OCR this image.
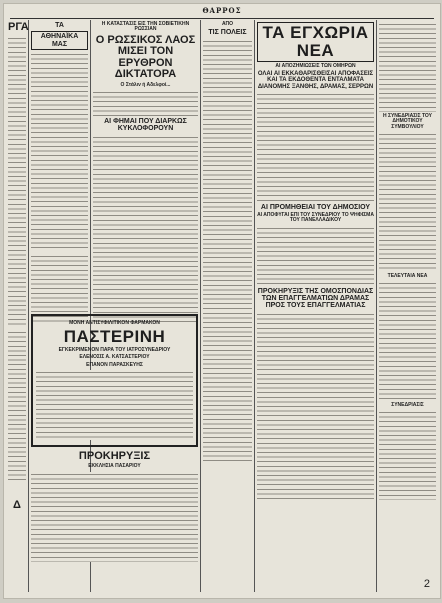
ΘΑΡΡΟΣ
ΡΓΑ
Δ
ΤΑ
ΑΘΗΝΑΪΚΑ ΜΑΣ
Η ΚΑΤΑΣΤΑΣΙΣ ΕΙΣ ΤΗΝ ΣΟΒΙΕΤΙΚΗΝ ΡΩΣΣΙΑΝ
Ο ΡΩΣΣΙΚΟΣ ΛΑΟΣ ΜΙΣΕΙ ΤΟΝ ΕΡΥΘΡΟΝ ΔΙΚΤΑΤΟΡΑ
Ο Στάλιν ή Αδελφοί...
ΑΙ ΦΗΜΑΙ ΠΟΥ ΔΙΑΡΚΩΣ ΚΥΚΛΟΦΟΡΟΥΝ
ΑΠΟ
ΤΙΣ ΠΟΛΕΙΣ
ΜΟΝΗ ΑΝΤΙΣΥΦΙΛΙΤΙΚΟΝ ΦΑΡΜΑΚΟΝ
ΠΑΣΤΕΡΙΝΗ
ΕΓΚΕΚΡΙΜΕΝΟΝ ΠΑΡΑ ΤΟΥ ΙΑΤΡΟΣΥΝΕΔΡΙΟΥ
ΕΛΕΝΟΣΙΣ Α. ΚΑΤΣΑΣΤΕΡΙΟΥ
ΕΠΑΝΟΝ ΠΑΡΑΣΚΕΥΗΣ
ΠΡΟΚΗΡΥΞΙΣ
ΕΚΚΛΗΣΙΑ ΠΑΣΑΡΙΟΥ
ΤΑ ΕΓΧΩΡΙΑ ΝΕΑ
ΑΙ ΑΠΟΖΗΜΙΩΣΕΙΣ ΤΩΝ ΟΜΗΡΩΝ
ΟΛΑΙ ΑΙ ΕΚΚΑΘΑΡΙΣΘΕΙΣΑΙ ΑΠΟΦΑΣΕΙΣ ΚΑΙ ΤΑ ΕΚΔΟΘΕΝΤΑ ΕΝΤΑΛΜΑΤΑ ΔΙΑΝΟΜΗΣ ΞΑΝΘΗΣ, ΔΡΑΜΑΣ, ΣΕΡΡΩΝ
ΑΙ ΠΡΟΜΗΘΕΙΑΙ ΤΟΥ ΔΗΜΟΣΙΟΥ
ΑΙ ΑΠΟΦΥΓΑΙ ΕΠΙ ΤΟΥ ΣΥΝΕΔΡΙΟΥ ΤΟ ΨΗΦΙΣΜΑ ΤΟΥ ΠΑΝΕΛΛΑΔΙΚΟΥ
ΠΡΟΚΗΡΥΞΙΣ ΤΗΣ ΟΜΟΣΠΟΝΔΙΑΣ ΤΩΝ ΕΠΑΓΓΕΛΜΑΤΙΩΝ ΔΡΑΜΑΣ ΠΡΟΣ ΤΟΥΣ ΕΠΑΓΓΕΛΜΑΤΙΑΣ
Η ΣΥΝΕΔΡΙΑΣΙΣ ΤΟΥ ΔΗΜΟΤΙΚΟΥ ΣΥΜΒΟΥΛΙΟΥ
ΤΕΛΕΥΤΑΙΑ ΝΕΑ
ΣΥΝΕΔΡΙΑΣΙΣ
2
